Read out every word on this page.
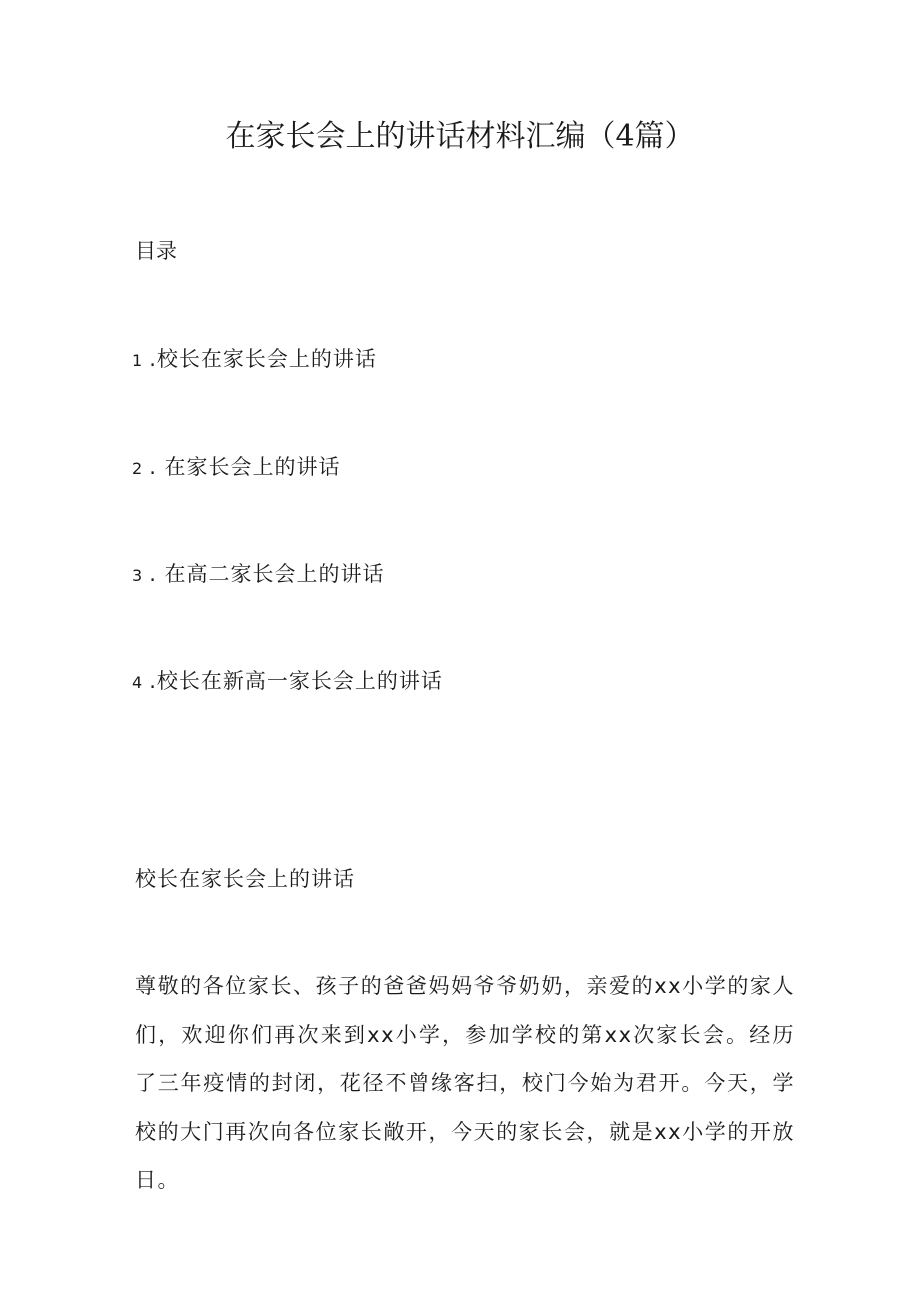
在家长会上的讲话材料汇编（4篇）
目录
1 .校长在家长会上的讲话
2 . 在家长会上的讲话
3 . 在高二家长会上的讲话
4 .校长在新高一家长会上的讲话
校长在家长会上的讲话
尊敬的各位家长、孩子的爸爸妈妈爷爷奶奶，亲爱的xx小学的家人们，欢迎你们再次来到xx小学，参加学校的第xx次家长会。经历了三年疫情的封闭，花径不曾缘客扫，校门今始为君开。今天，学校的大门再次向各位家长敞开，今天的家长会，就是xx小学的开放日。
